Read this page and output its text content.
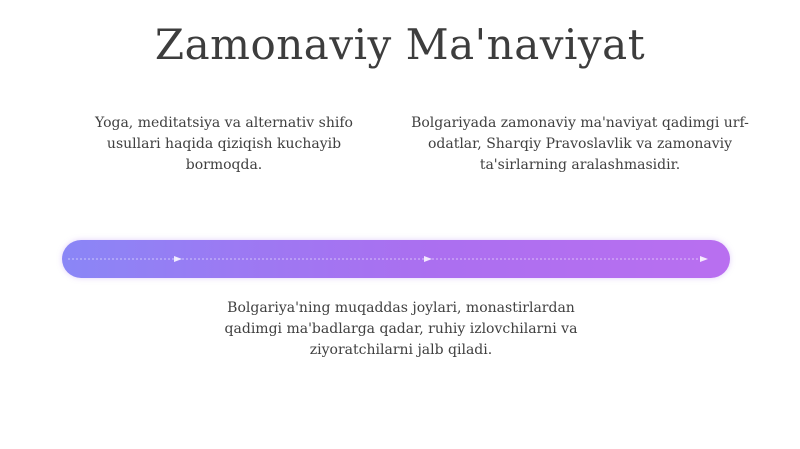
Zamonaviy Ma'naviyat
Yoga, meditatsiya va alternativ shifo usullari haqida qiziqish kuchayib bormoqda.
Bolgariyada zamonaviy ma'naviyat qadimgi urf-odatlar, Sharqiy Pravoslavlik va zamonaviy ta'sirlarning aralashmasidir.
Bolgariya'ning muqaddas joylari, monastirlardan qadimgi ma'badlarga qadar, ruhiy izlovchilarni va ziyoratchilarni jalb qiladi.
